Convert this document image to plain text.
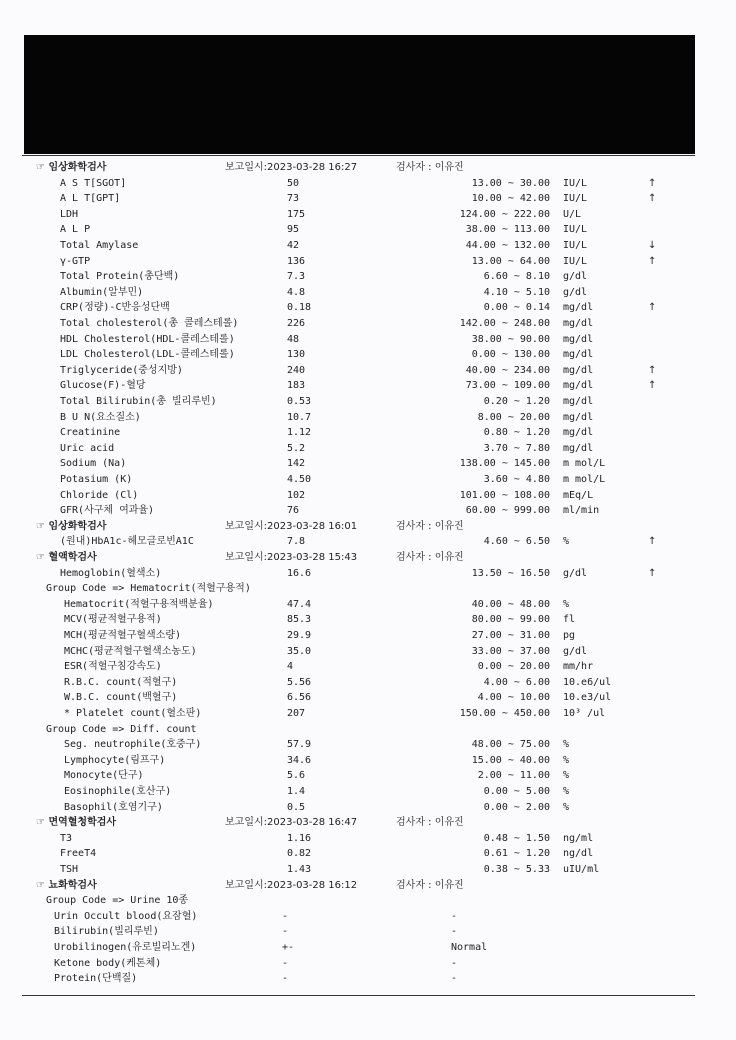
☞ 임상화학검사	보고일시:2023-03-28 16:27	검사자 : 이유진
A S T[SGOT]	50	13.00 ~ 30.00 IU/L	↑
A L T[GPT]	73	10.00 ~ 42.00 IU/L	↑
LDH	175	124.00 ~ 222.00 U/L
A L P	95	38.00 ~ 113.00 IU/L
Total Amylase	42	44.00 ~ 132.00 IU/L	↓
γ-GTP	136	13.00 ~ 64.00 IU/L	↑
Total Protein(총단백)	7.3	6.60 ~ 8.10 g/dl
Albumin(알부민)	4.8	4.10 ~ 5.10 g/dl
CRP(정량)-C반응성단백	0.18	0.00 ~ 0.14 mg/dl	↑
Total cholesterol(총 콜레스테롤)	226	142.00 ~ 248.00 mg/dl
HDL Cholesterol(HDL-콜레스테롤)	48	38.00 ~ 90.00 mg/dl
LDL Cholesterol(LDL-콜레스테롤)	130	0.00 ~ 130.00 mg/dl
Triglyceride(중성지방)	240	40.00 ~ 234.00 mg/dl	↑
Glucose(F)-혈당	183	73.00 ~ 109.00 mg/dl	↑
Total Bilirubin(총 빌리루빈)	0.53	0.20 ~ 1.20 mg/dl
B U N(요소질소)	10.7	8.00 ~ 20.00 mg/dl
Creatinine	1.12	0.80 ~ 1.20 mg/dl
Uric acid	5.2	3.70 ~ 7.80 mg/dl
Sodium (Na)	142	138.00 ~ 145.00 m mol/L
Potasium (K)	4.50	3.60 ~ 4.80 m mol/L
Chloride (Cl)	102	101.00 ~ 108.00 mEq/L
GFR(사구체 여과율)	76	60.00 ~ 999.00 ml/min
☞ 임상화학검사	보고일시:2023-03-28 16:01	검사자 : 이유진
(원내)HbA1c-헤모글로빈A1C	7.8	4.60 ~ 6.50 %	↑
☞ 혈액학검사	보고일시:2023-03-28 15:43	검사자 : 이유진
Hemoglobin(혈색소)	16.6	13.50 ~ 16.50 g/dl	↑
Group Code => Hematocrit(적혈구용적)
Hematocrit(적혈구용적백분율)	47.4	40.00 ~ 48.00 %
MCV(평균적혈구용적)	85.3	80.00 ~ 99.00 fl
MCH(평균적혈구혈색소량)	29.9	27.00 ~ 31.00 pg
MCHC(평균적혈구혈색소농도)	35.0	33.00 ~ 37.00 g/dl
ESR(적혈구침강속도)	4	0.00 ~ 20.00 mm/hr
R.B.C. count(적혈구)	5.56	4.00 ~ 6.00 10.e6/ul
W.B.C. count(백혈구)	6.56	4.00 ~ 10.00 10.e3/ul
* Platelet count(혈소판)	207	150.00 ~ 450.00 10³ /ul
Group Code => Diff. count
Seg. neutrophile(호중구)	57.9	48.00 ~ 75.00 %
Lymphocyte(림프구)	34.6	15.00 ~ 40.00 %
Monocyte(단구)	5.6	2.00 ~ 11.00 %
Eosinophile(호산구)	1.4	0.00 ~ 5.00 %
Basophil(호염기구)	0.5	0.00 ~ 2.00 %
☞ 면역혈청학검사	보고일시:2023-03-28 16:47	검사자 : 이유진
T3	1.16	0.48 ~ 1.50 ng/ml
FreeT4	0.82	0.61 ~ 1.20 ng/dl
TSH	1.43	0.38 ~ 5.33 uIU/ml
☞ 뇨화학검사	보고일시:2023-03-28 16:12	검사자 : 이유진
Group Code => Urine 10종
Urin Occult blood(요잠혈)	-	-
Bilirubin(빌리루빈)	-	-
Urobilinogen(유로빌리노겐)	+-	Normal
Ketone body(케톤체)	-	-
Protein(단백질)	-	-
